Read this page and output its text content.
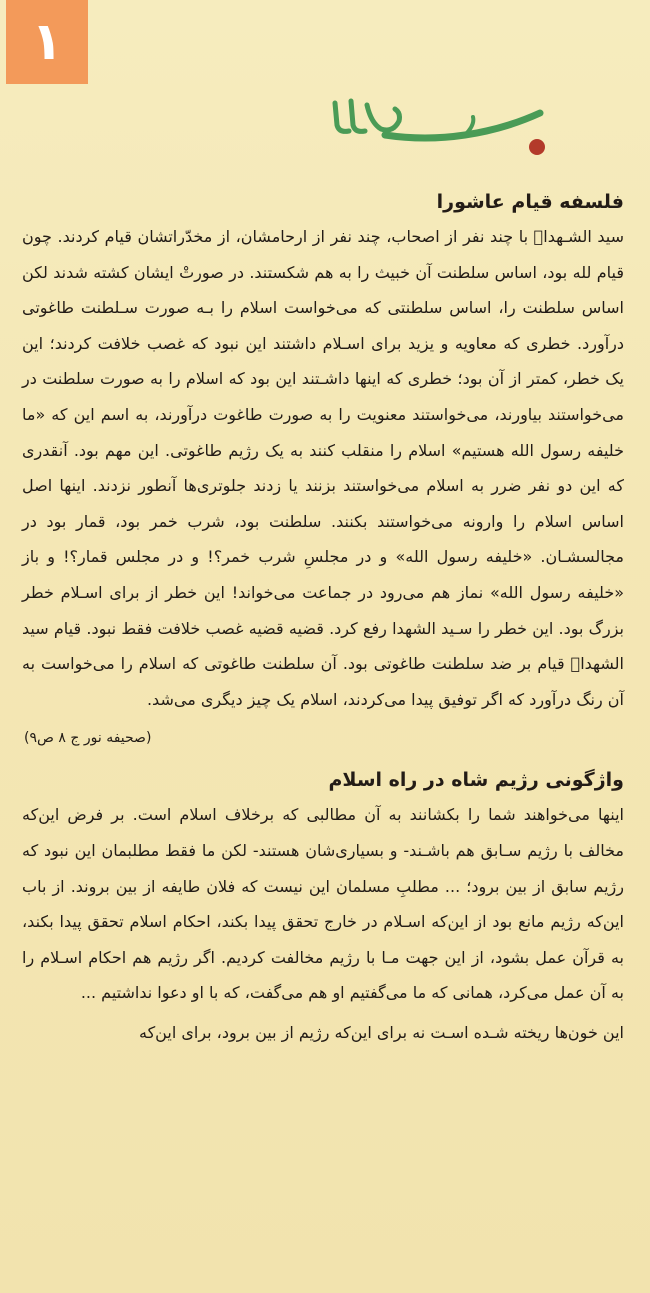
۱
فلسفه قیام عاشورا

سید الشـهداؑ با چند نفر از اصحاب، چند نفر از ارحامشان، از مخدّراتشان قیام کردند. چون قیام لله بود، اساس سلطنت آن خبیث را به هم شکستند. در صورتْ ایشان کشته شدند لکن اساس سلطنت را، اساس سلطنتی که می‌خواست اسلام را بـه صورت سـلطنت طاغوتی درآورد. خطری که معاویه و یزید برای اسـلام داشتند این نبود که غصب خلافت کردند؛ این یک خطر، کمتر از آن بود؛ خطری که اینها داشـتند این بود که اسلام را به صورت سلطنت در می‌خواستند بیاورند، می‌خواستند معنویت را به صورت طاغوت درآورند، به اسم این که «ما خلیفه رسول الله هستیم» اسلام را منقلب کنند به یک رژیم طاغوتی. این مهم بود. آنقدری که این دو نفر ضرر به اسلام می‌خواستند بزنند یا زدند جلوتری‌ها آنطور نزدند. اینها اصل اساس اسلام را وارونه می‌خواستند بکنند. سلطنت بود، شرب خمر بود، قمار بود در مجالسشـان. «خلیفه رسول الله» و در مجلسِ شرب خمر؟! و در مجلس قمار؟! و باز «خلیفه رسول الله» نماز هم می‌رود در جماعت می‌خواند! این خطر از برای اسـلام خطر بزرگ بود. این خطر را سـید الشهدا رفع کرد. قضیه قضیه غصب خلافت فقط نبود. قیام سید الشهداؑ قیام بر ضد سلطنت طاغوتی بود. آن سلطنت طاغوتی که اسلام را می‌خواست به آن رنگ درآورد که اگر توفیق پیدا می‌کردند، اسلام یک چیز دیگری می‌شد.

(صحیفه نور ج ۸ ص۹)

واژگونی رژیم شاه در راه اسلام

اینها می‌خواهند شما را بکشانند به آن مطالبی که برخلاف اسلام است. بر فرض این‌که مخالف با رژیم سـابق هم باشـند- و بسیاری‌شان هستند- لکن ما فقط مطلبمان این نبود که رژیم سابق از بین برود؛ ... مطلبِ مسلمان این نیست که فلان طایفه از بین بروند. از باب این‌که رژیم مانع بود از این‌که اسـلام در خارج تحقق پیدا بکند، احکام اسلام تحقق پیدا بکند، به قرآن عمل بشود، از این جهت مـا با رژیم مخالفت کردیم. اگر رژیم هم احکام اسـلام را به آن عمل می‌کرد، همانی که ما می‌گفتیم او هم می‌گفت، که با او دعوا نداشتیم ...

این خون‌ها ریخته شـده اسـت نه برای این‌که رژیم از بین برود، برای این‌که
